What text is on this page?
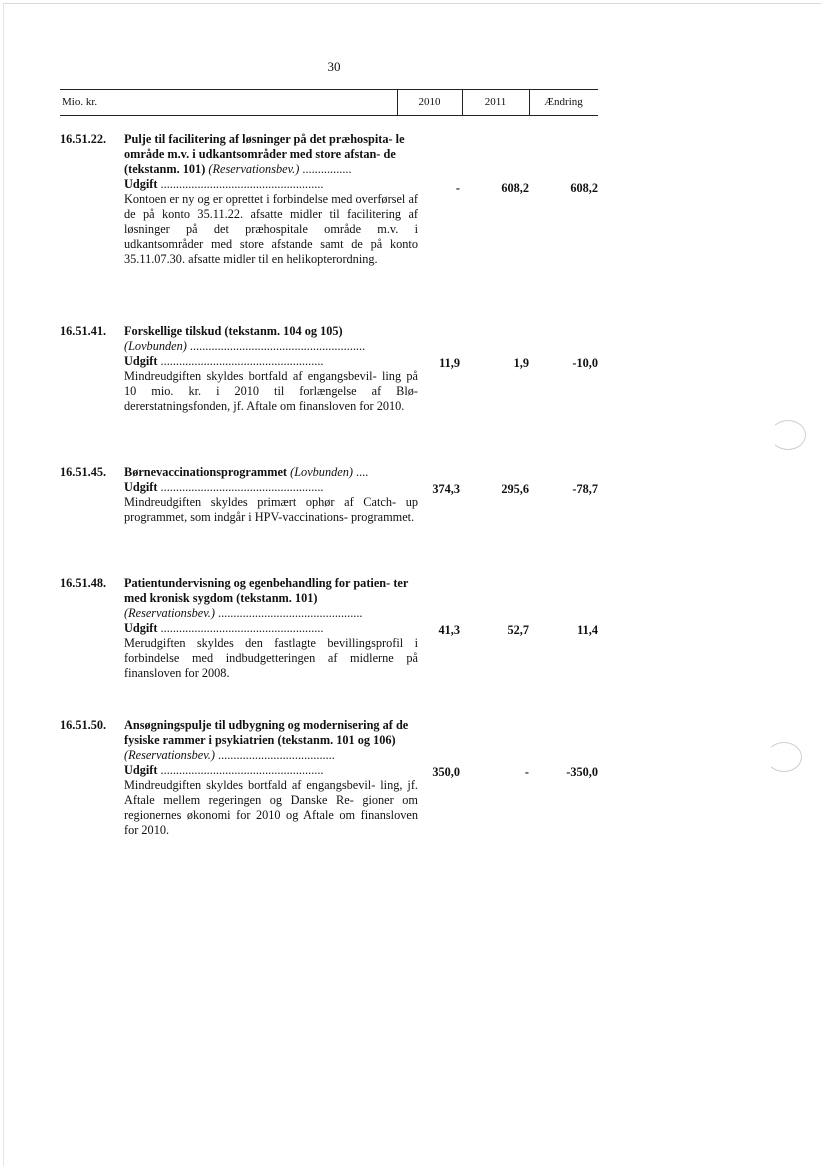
30
Mio. kr.	2010	2011	Ændring
16.51.22. Pulje til facilitering af løsninger på det præhospita- le område m.v. i udkantsområder med store afstan- de (tekstanm. 101) (Reservationsbev.) ................
Udgift .....................................................
Kontoen er ny og er oprettet i forbindelse med overførsel af de på konto 35.11.22. afsatte midler til facilitering af løsninger på det præhospitale område m.v. i udkantsområder med store afstande samt de på konto 35.11.07.30. afsatte midler til en helikopterordning.
-	608,2	608,2
16.51.41. Forskellige tilskud (tekstanm. 104 og 105)
(Lovbunden) .........................................................
Udgift .....................................................
Mindreudgiften skyldes bortfald af engangsbevil- ling på 10 mio. kr. i 2010 til forlængelse af Blø- dererstatningsfonden, jf. Aftale om finansloven for 2010.
11,9	1,9	-10,0
16.51.45. Børnevaccinationsprogrammet (Lovbunden) ....
Udgift .....................................................
Mindreudgiften skyldes primært ophør af Catch- up programmet, som indgår i HPV-vaccinations- programmet.
374,3	295,6	-78,7
16.51.48. Patientundervisning og egenbehandling for patien- ter med kronisk sygdom (tekstanm. 101)
(Reservationsbev.) ...............................................
Udgift .....................................................
Merudgiften skyldes den fastlagte bevillingsprofil i forbindelse med indbudgetteringen af midlerne på finansloven for 2008.
41,3	52,7	11,4
16.51.50. Ansøgningspulje til udbygning og modernisering af de fysiske rammer i psykiatrien (tekstanm. 101 og 106) (Reservationsbev.) ......................................
Udgift .....................................................
Mindreudgiften skyldes bortfald af engangsbevil- ling, jf. Aftale mellem regeringen og Danske Re- gioner om regionernes økonomi for 2010 og Aftale om finansloven for 2010.
350,0	-	-350,0
